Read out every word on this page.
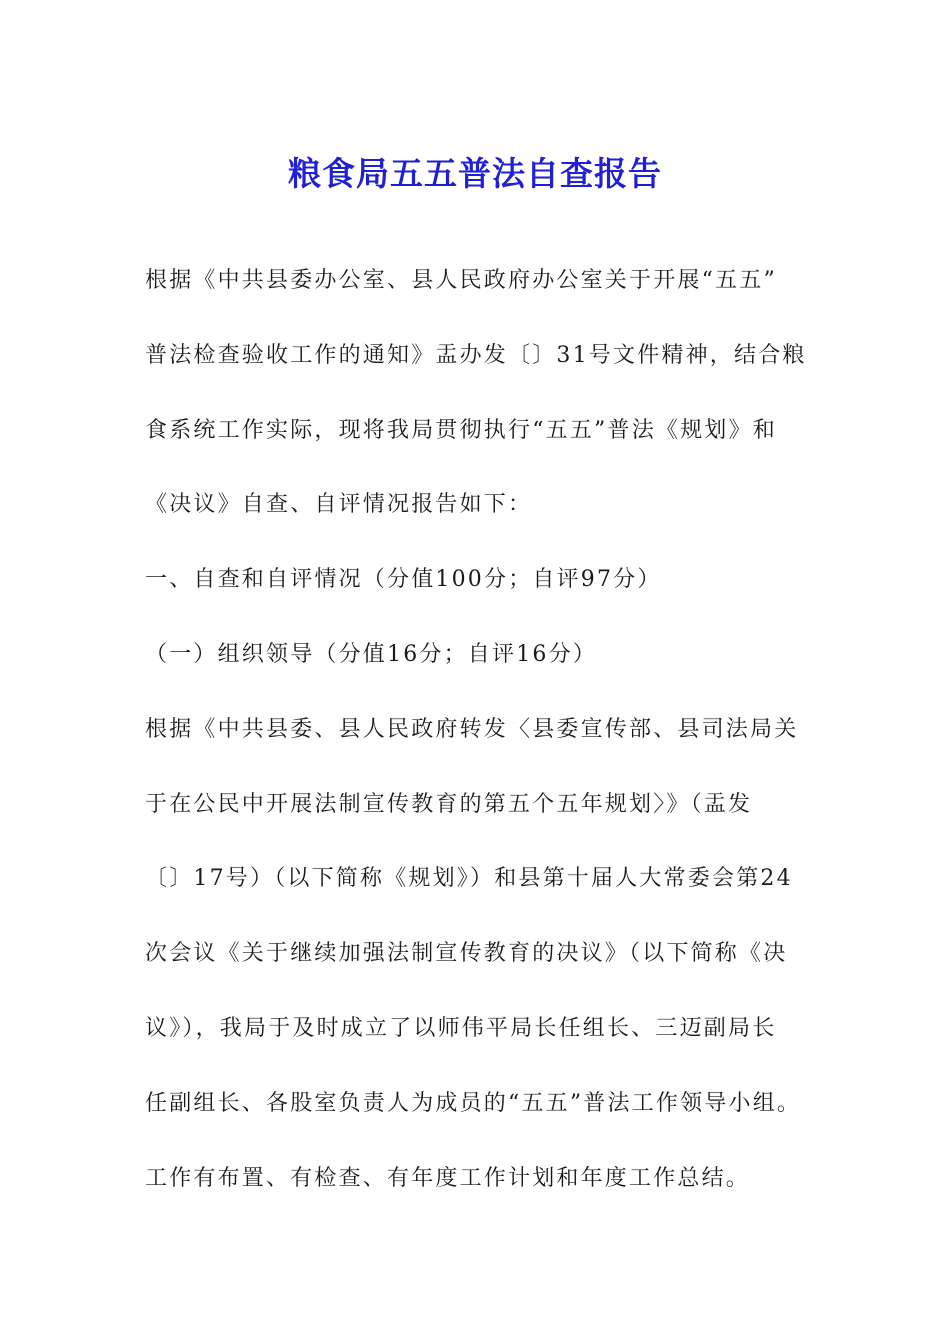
粮食局五五普法自查报告
根据《中共县委办公室、县人民政府办公室关于开展“五五”
普法检查验收工作的通知》盂办发〔〕31号文件精神，结合粮
食系统工作实际，现将我局贯彻执行“五五”普法《规划》和
《决议》自查、自评情况报告如下：
一、自查和自评情况（分值100分；自评97分）
（一）组织领导（分值16分；自评16分）
根据《中共县委、县人民政府转发〈县委宣传部、县司法局关
于在公民中开展法制宣传教育的第五个五年规划〉》（盂发
〔〕17号）（以下简称《规划》）和县第十届人大常委会第24
次会议《关于继续加强法制宣传教育的决议》（以下简称《决
议》），我局于及时成立了以师伟平局长任组长、三迈副局长
任副组长、各股室负责人为成员的“五五”普法工作领导小组。
工作有布置、有检查、有年度工作计划和年度工作总结。
